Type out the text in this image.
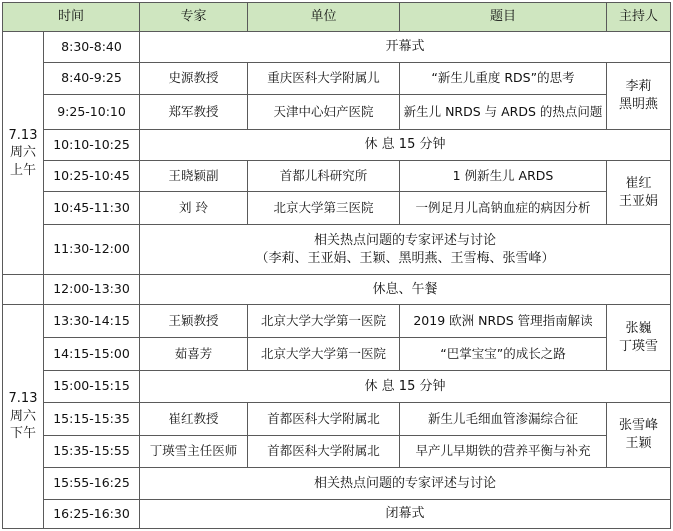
时间		专家	单位	题目	主持人

7.13
周六
上午	8:30-8:40	开幕式			
	8:40-9:25	史源教授	重庆医科大学附属儿	“新生儿重度 RDS”的思考	李莉
黑明燕

	9:25-10:10	郑军教授	天津中心妇产医院	新生儿 NRDS 与 ARDS 的热点问题	
	10:10-10:25	休 息 15 分钟			
	10:25-10:45	王晓颖副	首都儿科研究所	1 例新生儿 ARDS	崔红
王亚娟

	10:45-11:30	刘 玲	北京大学第三医院	一例足月儿高钠血症的病因分析	
	11:30-12:00	相关热点问题的专家评述与讨论
（李莉、王亚娟、王颖、黑明燕、王雪梅、张雪峰）			

	12:00-13:30	休息、午餐			

7.13
周六
下午	13:30-14:15	王颖教授	北京大学大学第一医院	2019 欧洲 NRDS 管理指南解读	张巍
丁瑛雪

	14:15-15:00	茹喜芳	北京大学大学第一医院	“巴掌宝宝”的成长之路	
	15:00-15:15	休 息 15 分钟			
	15:15-15:35	崔红教授	首都医科大学附属北	新生儿毛细血管渗漏综合征	张雪峰
王颖

	15:35-15:55	丁瑛雪主任医师	首都医科大学附属北	早产儿早期铁的营养平衡与补充	
	15:55-16:25	相关热点问题的专家评述与讨论			
	16:25-16:30	闭幕式			
